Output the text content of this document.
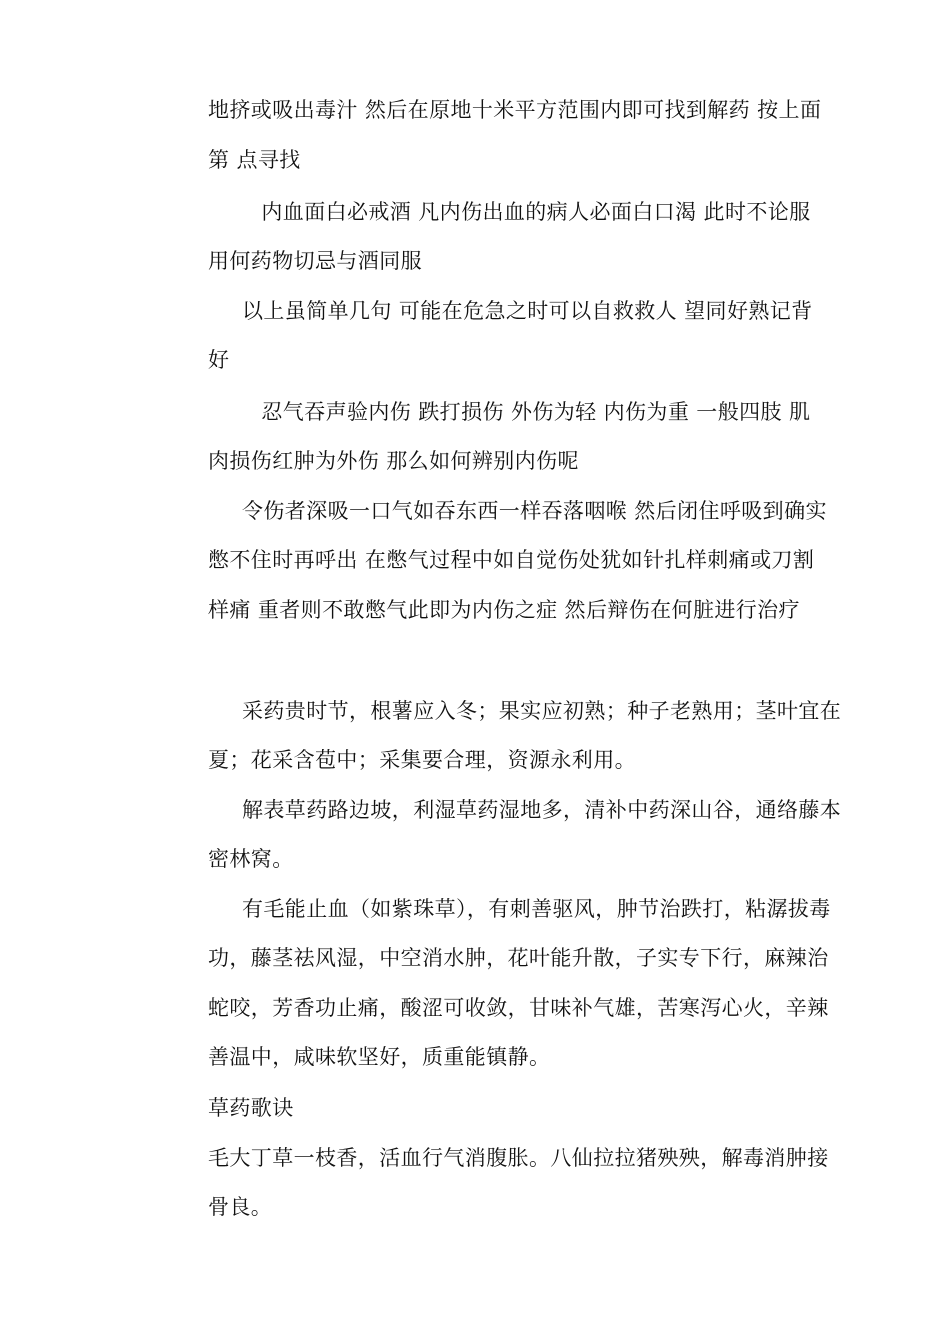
地挤或吸出毒汁 然后在原地十米平方范围内即可找到解药 按上面
第 点寻找
　内血面白必戒酒 凡内伤出血的病人必面白口渴 此时不论服
用何药物切忌与酒同服
以上虽简单几句 可能在危急之时可以自救救人 望同好熟记背
好
　忍气吞声验内伤 跌打损伤 外伤为轻 内伤为重 一般四肢 肌
肉损伤红肿为外伤 那么如何辨别内伤呢
令伤者深吸一口气如吞东西一样吞落咽喉 然后闭住呼吸到确实
憋不住时再呼出 在憋气过程中如自觉伤处犹如针扎样刺痛或刀割
样痛 重者则不敢憋气此即为内伤之症 然后辩伤在何脏进行治疗
采药贵时节，根薯应入冬；果实应初熟；种子老熟用；茎叶宜在
夏；花采含苞中；采集要合理，资源永利用。
解表草药路边坡，利湿草药湿地多，清补中药深山谷，通络藤本
密林窝。
有毛能止血（如紫珠草），有刺善驱风，肿节治跌打，粘潺拔毒
功，藤茎祛风湿，中空消水肿，花叶能升散，子实专下行，麻辣治
蛇咬，芳香功止痛，酸涩可收敛，甘味补气雄，苦寒泻心火，辛辣
善温中，咸味软坚好，质重能镇静。
草药歌诀
毛大丁草一枝香，活血行气消腹胀。八仙拉拉猪殃殃，解毒消肿接
骨良。
